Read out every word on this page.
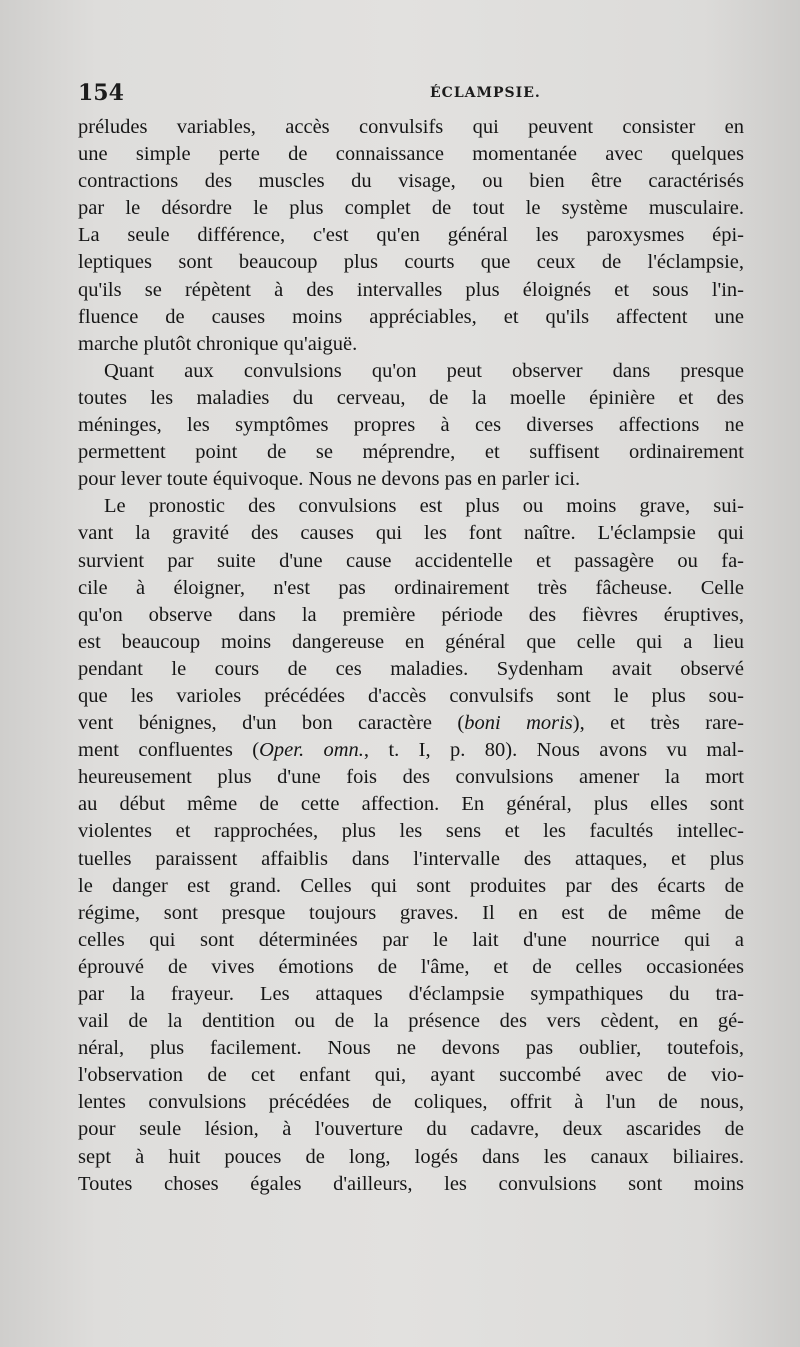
154	ÉCLAMPSIE.
préludes variables, accès convulsifs qui peuvent consister en
une simple perte de connaissance momentanée avec quelques
contractions des muscles du visage, ou bien être caractérisés
par le désordre le plus complet de tout le système musculaire.
La seule différence, c'est qu'en général les paroxysmes épi-
leptiques sont beaucoup plus courts que ceux de l'éclampsie,
qu'ils se répètent à des intervalles plus éloignés et sous l'in-
fluence de causes moins appréciables, et qu'ils affectent une
marche plutôt chronique qu'aiguë.
Quant aux convulsions qu'on peut observer dans presque
toutes les maladies du cerveau, de la moelle épinière et des
méninges, les symptômes propres à ces diverses affections ne
permettent point de se méprendre, et suffisent ordinairement
pour lever toute équivoque. Nous ne devons pas en parler ici.
Le pronostic des convulsions est plus ou moins grave, sui-
vant la gravité des causes qui les font naître. L'éclampsie qui
survient par suite d'une cause accidentelle et passagère ou fa-
cile à éloigner, n'est pas ordinairement très fâcheuse. Celle
qu'on observe dans la première période des fièvres éruptives,
est beaucoup moins dangereuse en général que celle qui a lieu
pendant le cours de ces maladies. Sydenham avait observé
que les varioles précédées d'accès convulsifs sont le plus sou-
vent bénignes, d'un bon caractère (boni moris), et très rare-
ment confluentes (Oper. omn., t. I, p. 80). Nous avons vu mal-
heureusement plus d'une fois des convulsions amener la mort
au début même de cette affection. En général, plus elles sont
violentes et rapprochées, plus les sens et les facultés intellec-
tuelles paraissent affaiblis dans l'intervalle des attaques, et plus
le danger est grand. Celles qui sont produites par des écarts de
régime, sont presque toujours graves. Il en est de même de
celles qui sont déterminées par le lait d'une nourrice qui a
éprouvé de vives émotions de l'âme, et de celles occasionées
par la frayeur. Les attaques d'éclampsie sympathiques du tra-
vail de la dentition ou de la présence des vers cèdent, en gé-
néral, plus facilement. Nous ne devons pas oublier, toutefois,
l'observation de cet enfant qui, ayant succombé avec de vio-
lentes convulsions précédées de coliques, offrit à l'un de nous,
pour seule lésion, à l'ouverture du cadavre, deux ascarides de
sept à huit pouces de long, logés dans les canaux biliaires.
Toutes choses égales d'ailleurs, les convulsions sont moins
